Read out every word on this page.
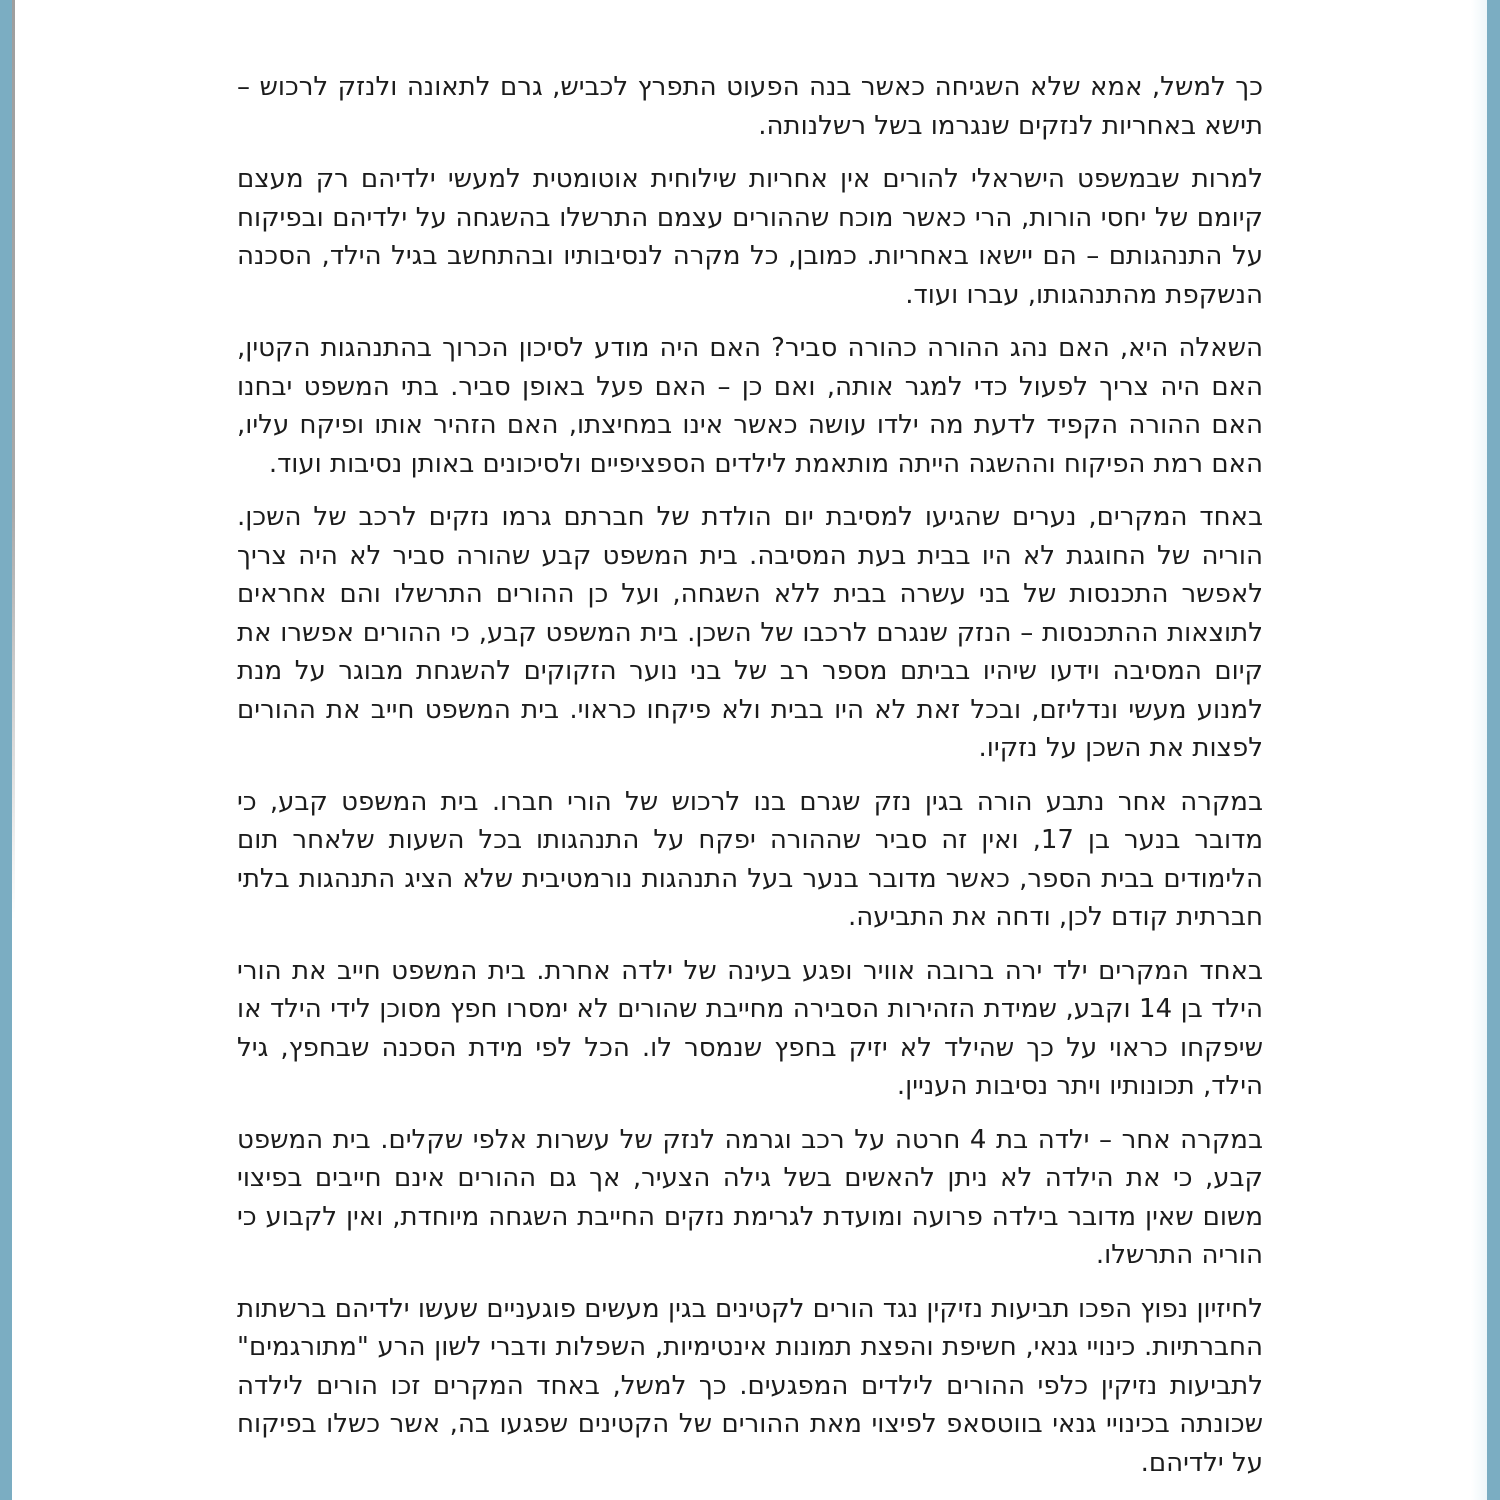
כך למשל, אמא שלא השגיחה כאשר בנה הפעוט התפרץ לכביש, גרם לתאונה ולנזק לרכוש – תישא באחריות לנזקים שנגרמו בשל רשלנותה.

למרות שבמשפט הישראלי להורים אין אחריות שילוחית אוטומטית למעשי ילדיהם רק מעצם קיומם של יחסי הורות, הרי כאשר מוכח שההורים עצמם התרשלו בהשגחה על ילדיהם ובפיקוח על התנהגותם – הם יישאו באחריות. כמובן, כל מקרה לנסיבותיו ובהתחשב בגיל הילד, הסכנה הנשקפת מהתנהגותו, עברו ועוד.

השאלה היא, האם נהג ההורה כהורה סביר? האם היה מודע לסיכון הכרוך בהתנהגות הקטין, האם היה צריך לפעול כדי למגר אותה, ואם כן – האם פעל באופן סביר. בתי המשפט יבחנו האם ההורה הקפיד לדעת מה ילדו עושה כאשר אינו במחיצתו, האם הזהיר אותו ופיקח עליו, האם רמת הפיקוח וההשגה הייתה מותאמת לילדים הספציפיים ולסיכונים באותן נסיבות ועוד.

באחד המקרים, נערים שהגיעו למסיבת יום הולדת של חברתם גרמו נזקים לרכב של השכן. הוריה של החוגגת לא היו בבית בעת המסיבה. בית המשפט קבע שהורה סביר לא היה צריך לאפשר התכנסות של בני עשרה בבית ללא השגחה, ועל כן ההורים התרשלו והם אחראים לתוצאות ההתכנסות – הנזק שנגרם לרכבו של השכן. בית המשפט קבע, כי ההורים אפשרו את קיום המסיבה וידעו שיהיו בביתם מספר רב של בני נוער הזקוקים להשגחת מבוגר על מנת למנוע מעשי ונדליזם, ובכל זאת לא היו בבית ולא פיקחו כראוי. בית המשפט חייב את ההורים לפצות את השכן על נזקיו.

במקרה אחר נתבע הורה בגין נזק שגרם בנו לרכוש של הורי חברו. בית המשפט קבע, כי מדובר בנער בן 17, ואין זה סביר שההורה יפקח על התנהגותו בכל השעות שלאחר תום הלימודים בבית הספר, כאשר מדובר בנער בעל התנהגות נורמטיבית שלא הציג התנהגות בלתי חברתית קודם לכן, ודחה את התביעה.

באחד המקרים ילד ירה ברובה אוויר ופגע בעינה של ילדה אחרת. בית המשפט חייב את הורי הילד בן 14 וקבע, שמידת הזהירות הסבירה מחייבת שהורים לא ימסרו חפץ מסוכן לידי הילד או שיפקחו כראוי על כך שהילד לא יזיק בחפץ שנמסר לו. הכל לפי מידת הסכנה שבחפץ, גיל הילד, תכונותיו ויתר נסיבות העניין.

במקרה אחר – ילדה בת 4 חרטה על רכב וגרמה לנזק של עשרות אלפי שקלים. בית המשפט קבע, כי את הילדה לא ניתן להאשים בשל גילה הצעיר, אך גם ההורים אינם חייבים בפיצוי משום שאין מדובר בילדה פרועה ומועדת לגרימת נזקים החייבת השגחה מיוחדת, ואין לקבוע כי הוריה התרשלו.

לחיזיון נפוץ הפכו תביעות נזיקין נגד הורים לקטינים בגין מעשים פוגעניים שעשו ילדיהם ברשתות החברתיות. כינויי גנאי, חשיפת והפצת תמונות אינטימיות, השפלות ודברי לשון הרע "מתורגמים" לתביעות נזיקין כלפי ההורים לילדים המפגעים. כך למשל, באחד המקרים זכו הורים לילדה שכונתה בכינויי גנאי בווטסאפ לפיצוי מאת ההורים של הקטינים שפגעו בה, אשר כשלו בפיקוח על ילדיהם.
